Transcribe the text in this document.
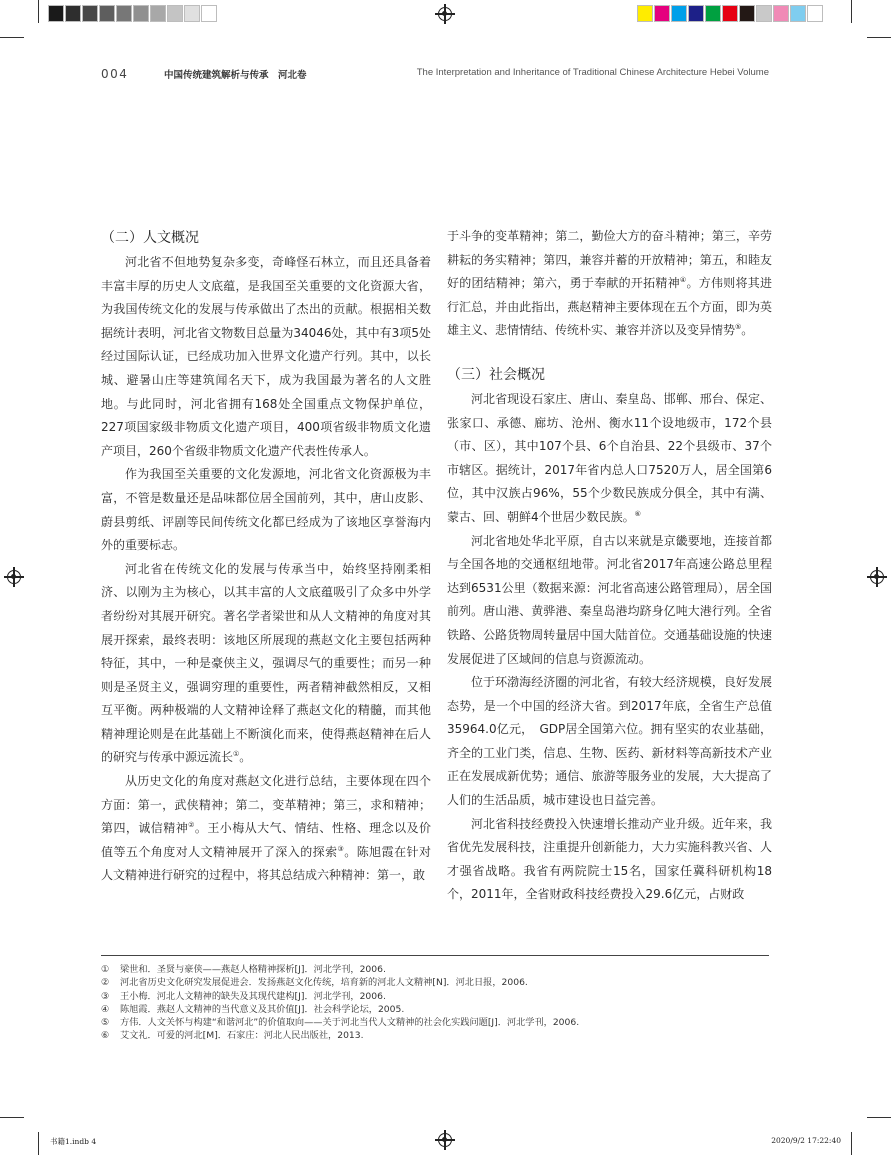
004	中国传统建筑解析与传承　河北卷	The Interpretation and Inheritance of Traditional Chinese Architecture Hebei Volume
（二）人文概况

河北省不但地势复杂多变，奇峰怪石林立，而且还具备着丰富丰厚的历史人文底蕴，是我国至关重要的文化资源大省，为我国传统文化的发展与传承做出了杰出的贡献。根据相关数据统计表明，河北省文物数目总量为34046处，其中有3项5处经过国际认证，已经成功加入世界文化遗产行列。其中，以长城、避暑山庄等建筑闻名天下，成为我国最为著名的人文胜地。与此同时，河北省拥有168处全国重点文物保护单位，227项国家级非物质文化遗产项目，400项省级非物质文化遗产项目，260个省级非物质文化遗产代表性传承人。

作为我国至关重要的文化发源地，河北省文化资源极为丰富，不管是数量还是品味都位居全国前列，其中，唐山皮影、蔚县剪纸、评剧等民间传统文化都已经成为了该地区享誉海内外的重要标志。

河北省在传统文化的发展与传承当中，始终坚持刚柔相济、以刚为主为核心，以其丰富的人文底蕴吸引了众多中外学者纷纷对其展开研究。著名学者梁世和从人文精神的角度对其展开探索，最终表明：该地区所展现的燕赵文化主要包括两种特征，其中，一种是豪侠主义，强调尽气的重要性；而另一种则是圣贤主义，强调穷理的重要性，两者精神截然相反，又相互平衡。两种极端的人文精神诠释了燕赵文化的精髓，而其他精神理论则是在此基础上不断演化而来，使得燕赵精神在后人的研究与传承中源远流长①。

从历史文化的角度对燕赵文化进行总结，主要体现在四个方面：第一，武侠精神；第二，变革精神；第三，求和精神；第四，诚信精神②。王小梅从大气、情结、性格、理念以及价值等五个角度对人文精神展开了深入的探索③。陈旭霞在针对人文精神进行研究的过程中，将其总结成六种精神：第一，敢

于斗争的变革精神；第二，勤俭大方的奋斗精神；第三，辛劳耕耘的务实精神；第四，兼容并蓄的开放精神；第五，和睦友好的团结精神；第六，勇于奉献的开拓精神④。方伟则将其进行汇总，并由此指出，燕赵精神主要体现在五个方面，即为英雄主义、悲情情结、传统朴实、兼容并济以及变异情势⑤。

（三）社会概况

河北省现设石家庄、唐山、秦皇岛、邯郸、邢台、保定、张家口、承德、廊坊、沧州、衡水11个设地级市，172个县（市、区），其中107个县、6个自治县、22个县级市、37个市辖区。据统计，2017年省内总人口7520万人，居全国第6位，其中汉族占96%，55个少数民族成分俱全，其中有满、蒙古、回、朝鲜4个世居少数民族。⑥

河北省地处华北平原，自古以来就是京畿要地，连接首都与全国各地的交通枢纽地带。河北省2017年高速公路总里程达到6531公里（数据来源：河北省高速公路管理局），居全国前列。唐山港、黄骅港、秦皇岛港均跻身亿吨大港行列。全省铁路、公路货物周转量居中国大陆首位。交通基础设施的快速发展促进了区域间的信息与资源流动。

位于环渤海经济圈的河北省，有较大经济规模，良好发展态势，是一个中国的经济大省。到2017年底，全省生产总值35964.0亿元，　GDP居全国第六位。拥有坚实的农业基础，齐全的工业门类，信息、生物、医药、新材料等高新技术产业正在发展成新优势；通信、旅游等服务业的发展，大大提高了人们的生活品质，城市建设也日益完善。

河北省科技经费投入快速增长推动产业升级。近年来，我省优先发展科技，注重提升创新能力，大力实施科教兴省、人才强省战略。我省有两院院士15名，国家任冀科研机构18个，2011年，全省财政科技经费投入29.6亿元，占财政

①	梁世和．圣贤与豪侠——燕赵人格精神探析[J]．河北学刊，2006.
②	河北省历史文化研究发展促进会．发扬燕赵文化传统，培育新的河北人文精神[N]．河北日报，2006.
③	王小梅．河北人文精神的缺失及其现代建构[J]．河北学刊，2006.
④	陈旭霞．燕赵人文精神的当代意义及其价值[J]．社会科学论坛，2005.
⑤	方伟．人文关怀与构建“和谐河北”的价值取向——关于河北当代人文精神的社会化实践问题[J]．河北学刊，2006.
⑥	艾文礼．可爱的河北[M]．石家庄：河北人民出版社，2013.
书籍1.indb 4	2020/9/2 17:22:40
